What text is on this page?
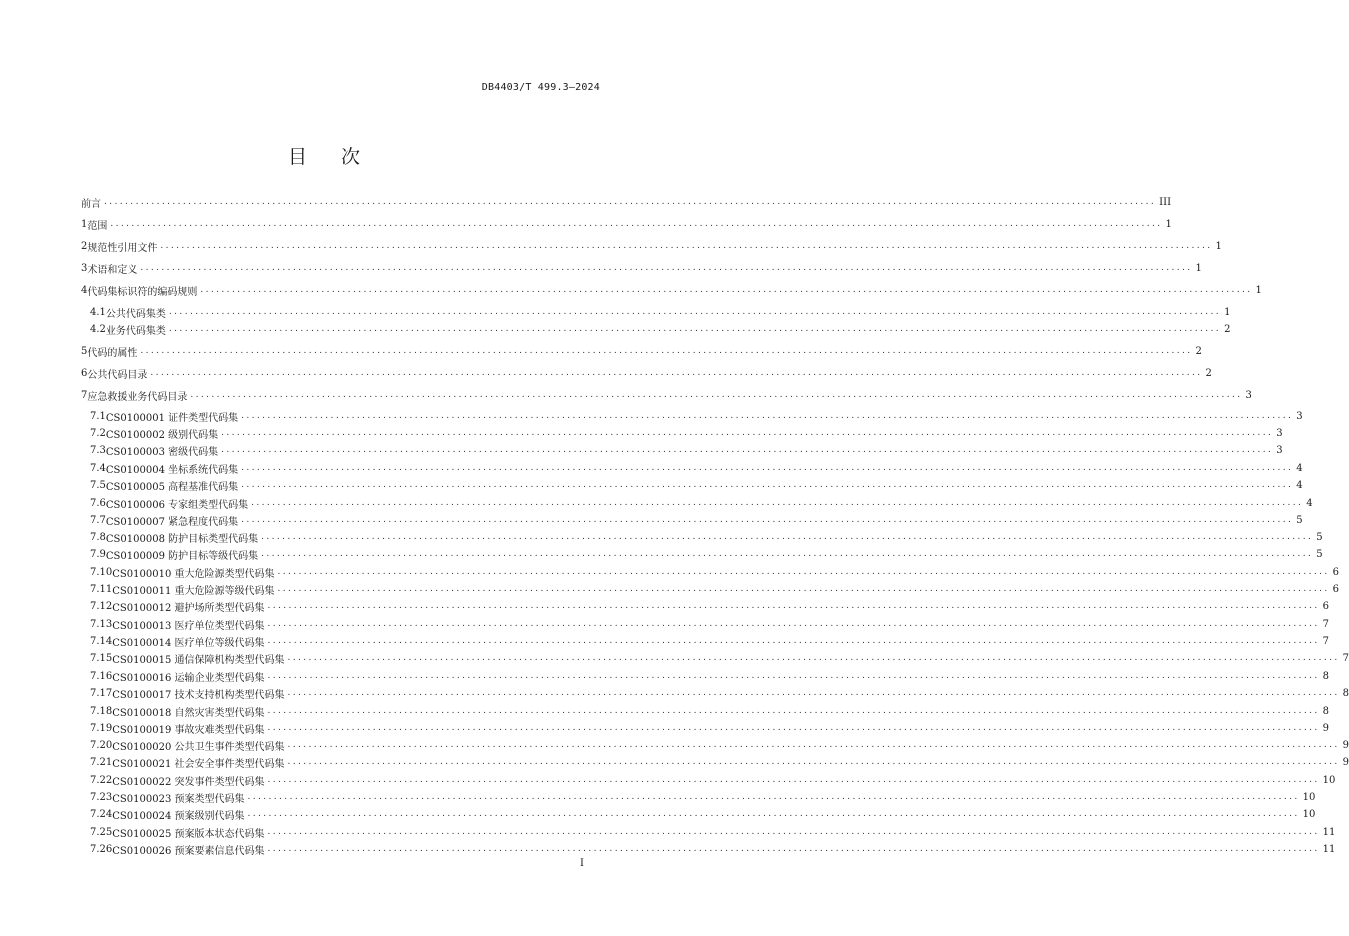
DB4403/T 499.3—2024
目 次
前言 ........................................................................................................................................................................................................ III
1 范围 ........................................................................................................................................................................................................ 1
2 规范性引用文件 ........................................................................................................................................................................................................ 1
3 术语和定义 ........................................................................................................................................................................................................ 1
4 代码集标识符的编码规则 ........................................................................................................................................................................................................ 1
4.1 公共代码集类 ........................................................................................................................................................................................................ 1
4.2 业务代码集类 ........................................................................................................................................................................................................ 2
5 代码的属性 ........................................................................................................................................................................................................ 2
6 公共代码目录 ........................................................................................................................................................................................................ 2
7 应急救援业务代码目录 ........................................................................................................................................................................................................ 3
7.1 CS0100001 证件类型代码集 ........................................................................................................................................................................................................ 3
7.2 CS0100002 级别代码集 ........................................................................................................................................................................................................ 3
7.3 CS0100003 密级代码集 ........................................................................................................................................................................................................ 3
7.4 CS0100004 坐标系统代码集 ........................................................................................................................................................................................................ 4
7.5 CS0100005 高程基准代码集 ........................................................................................................................................................................................................ 4
7.6 CS0100006 专家组类型代码集 ........................................................................................................................................................................................................ 4
7.7 CS0100007 紧急程度代码集 ........................................................................................................................................................................................................ 5
7.8 CS0100008 防护目标类型代码集 ........................................................................................................................................................................................................ 5
7.9 CS0100009 防护目标等级代码集 ........................................................................................................................................................................................................ 5
7.10 CS0100010 重大危险源类型代码集 ........................................................................................................................................................................................................ 6
7.11 CS0100011 重大危险源等级代码集 ........................................................................................................................................................................................................ 6
7.12 CS0100012 避护场所类型代码集 ........................................................................................................................................................................................................ 6
7.13 CS0100013 医疗单位类型代码集 ........................................................................................................................................................................................................ 7
7.14 CS0100014 医疗单位等级代码集 ........................................................................................................................................................................................................ 7
7.15 CS0100015 通信保障机构类型代码集 ........................................................................................................................................................................................................ 7
7.16 CS0100016 运输企业类型代码集 ........................................................................................................................................................................................................ 8
7.17 CS0100017 技术支持机构类型代码集 ........................................................................................................................................................................................................ 8
7.18 CS0100018 自然灾害类型代码集 ........................................................................................................................................................................................................ 8
7.19 CS0100019 事故灾难类型代码集 ........................................................................................................................................................................................................ 9
7.20 CS0100020 公共卫生事件类型代码集 ........................................................................................................................................................................................................ 9
7.21 CS0100021 社会安全事件类型代码集 ........................................................................................................................................................................................................ 9
7.22 CS0100022 突发事件类型代码集 ........................................................................................................................................................................................................ 10
7.23 CS0100023 预案类型代码集 ........................................................................................................................................................................................................ 10
7.24 CS0100024 预案级别代码集 ........................................................................................................................................................................................................ 10
7.25 CS0100025 预案版本状态代码集 ........................................................................................................................................................................................................ 11
7.26 CS0100026 预案要素信息代码集 ........................................................................................................................................................................................................ 11
I
